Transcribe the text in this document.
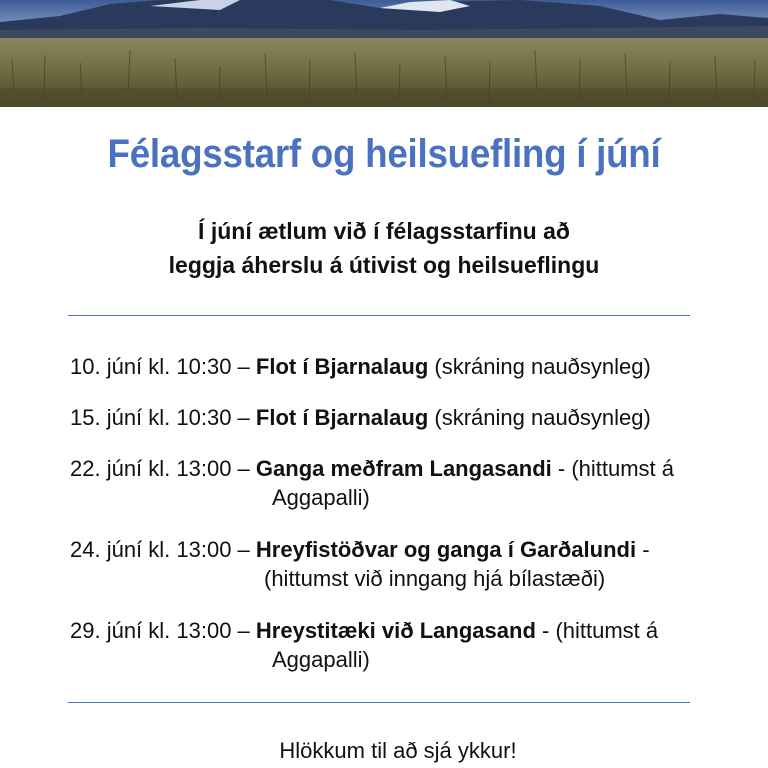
Félagsstarf og heilsuefling í júní
Í júní ætlum við í félagsstarfinu að
leggja áherslu á útivist og heilsueflingu
10. júní kl. 10:30 – Flot í Bjarnalaug (skráning nauðsynleg)
15. júní kl. 10:30 – Flot í Bjarnalaug (skráning nauðsynleg)
22. júní kl. 13:00 – Ganga meðfram Langasandi - (hittumst á
Aggapalli)
24. júní kl. 13:00 – Hreyfistöðvar og ganga í Garðalundi -
(hittumst við inngang hjá bílastæði)
29. júní kl. 13:00 – Hreystitæki við Langasand - (hittumst á
Aggapalli)
Hlökkum til að sjá ykkur!
